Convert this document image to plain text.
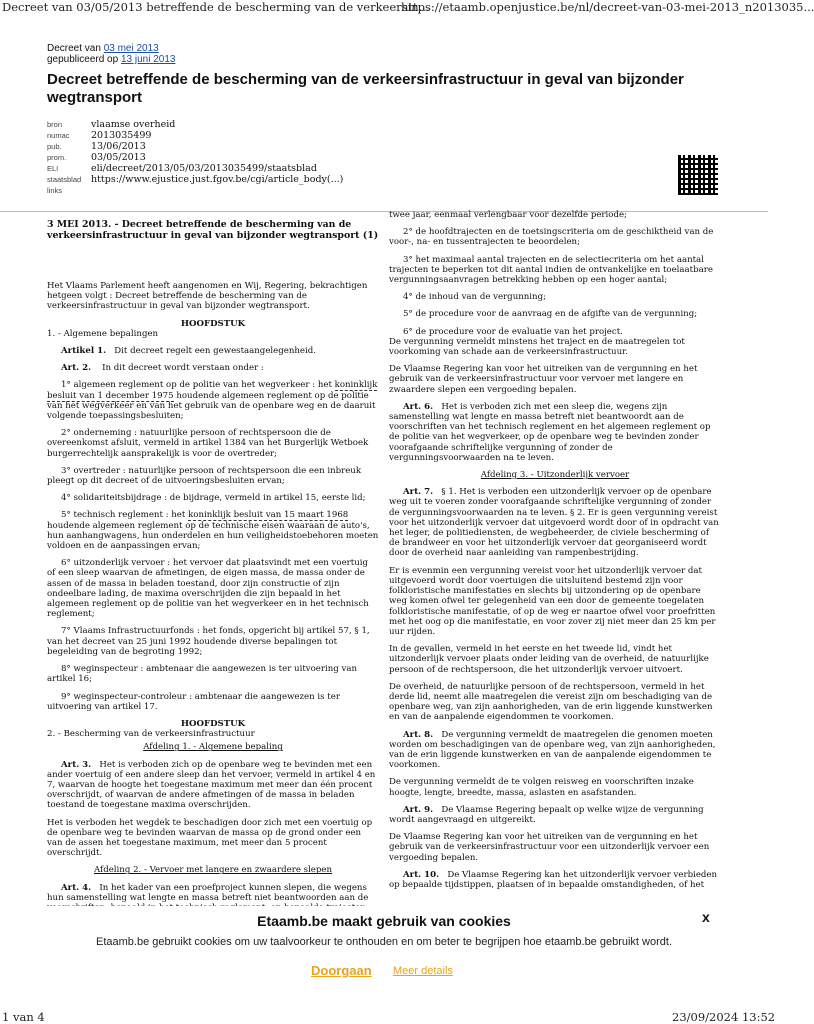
Decreet van 03/05/2013 betreffende de bescherming van de verkeersin...
https://etaamb.openjustice.be/nl/decreet-van-03-mei-2013_n2013035...
Decreet van 03 mei 2013
gepubliceerd op 13 juni 2013
Decreet betreffende de bescherming van de verkeersinfrastructuur in geval van bijzonder wegtransport
bron	vlaamse overheid
numac 2013035499
pub.	13/06/2013
prom.	03/05/2013
ELI	eli/decreet/2013/05/03/2013035499/staatsblad
staatsblad https://www.ejustice.just.fgov.be/cgi/article_body(...)
links

3 MEI 2013. - Decreet betreffende de bescherming van de verkeersinfrastructuur in geval van bijzonder wegtransport (1)

Het Vlaams Parlement heeft aangenomen en Wij, Regering, bekrachtigen hetgeen volgt : Decreet betreffende de bescherming van de verkeersinfrastructuur in geval van bijzonder wegtransport.

HOOFDSTUK

1. - Algemene bepalingen

Artikel 1. Dit decreet regelt een gewestaangelegenheid.

Art. 2. In dit decreet wordt verstaan onder :

1° algemeen reglement op de politie van het wegverkeer : het koninklijk besluit van 1 december 1975 houdende algemeen reglement op de politie van het wegverkeer en van het gebruik van de openbare weg en de daaruit volgende toepassingsbesluiten;

2° onderneming : natuurlijke persoon of rechtspersoon die de overeenkomst afsluit, vermeld in artikel 1384 van het Burgerlijk Wetboek burgerrechtelijk aansprakelijk is voor de overtreder;

3° overtreder : natuurlijke persoon of rechtspersoon die een inbreuk pleegt op dit decreet of de uitvoeringsbesluiten ervan;

4° solidariteitsbijdrage : de bijdrage, vermeld in artikel 15, eerste lid;

5° technisch reglement : het koninklijk besluit van 15 maart 1968 houdende algemeen reglement op de technische eisen waaraan de auto's, hun aanhangwagens, hun onderdelen en hun veiligheidstoebehoren moeten voldoen en de aanpassingen ervan;

6° uitzonderlijk vervoer : het vervoer dat plaatsvindt met een voertuig of een sleep waarvan de afmetingen, de eigen massa, de massa onder de assen of de massa in beladen toestand, door zijn constructie of zijn ondeelbare lading, de maxima overschrijden die zijn bepaald in het algemeen reglement op de politie van het wegverkeer en in het technisch reglement;

7° Vlaams Infrastructuurfonds : het fonds, opgericht bij artikel 57, § 1, van het decreet van 25 juni 1992 houdende diverse bepalingen tot begeleiding van de begroting 1992;

8° weginspecteur : ambtenaar die aangewezen is ter uitvoering van artikel 16;

9° weginspecteur-controleur : ambtenaar die aangewezen is ter uitvoering van artikel 17.

HOOFDSTUK

2. - Bescherming van de verkeersinfrastructuur

Afdeling 1. - Algemene bepaling

Art. 3. Het is verboden zich op de openbare weg te bevinden met een ander voertuig of een andere sleep dan het vervoer, vermeld in artikel 4 en 7, waarvan de hoogte het toegestane maximum met meer dan één procent overschrijdt, of waarvan de andere afmetingen of de massa in beladen toestand de toegestane maxima overschrijden.

Het is verboden het wegdek te beschadigen door zich met een voertuig op de openbare weg te bevinden waarvan de massa op de grond onder een van de assen het toegestane maximum, met meer dan 5 procent overschrijdt.

Afdeling 2. - Vervoer met langere en zwaardere slepen

Art. 4. In het kader van een proefproject kunnen slepen, die wegens hun samenstelling wat lengte en massa betreft niet beantwoorden aan de

twee jaar, eenmaal verlengbaar voor dezelfde periode;

2° de hoofdtrajecten en de toetsingscriteria om de geschiktheid van de voor-, na- en tussentrajecten te beoordelen;

3° het maximaal aantal trajecten en de selectiecriteria om het aantal trajecten te beperken tot dit aantal indien de ontvankelijke en toelaatbare vergunningsaanvragen betrekking hebben op een hoger aantal;

4° de inhoud van de vergunning;

5° de procedure voor de aanvraag en de afgifte van de vergunning;

6° de procedure voor de evaluatie van het project.

De vergunning vermeldt minstens het traject en de maatregelen tot voorkoming van schade aan de verkeersinfrastructuur.

De Vlaamse Regering kan voor het uitreiken van de vergunning en het gebruik van de verkeersinfrastructuur voor vervoer met langere en zwaardere slepen een vergoeding bepalen.

Art. 6. Het is verboden zich met een sleep die, wegens zijn samenstelling wat lengte en massa betreft niet beantwoordt aan de voorschriften van het technisch reglement en het algemeen reglement op de politie van het wegverkeer, op de openbare weg te bevinden zonder voorafgaande schriftelijke vergunning of zonder de vergunningsvoorwaarden na te leven.

Afdeling 3. - Uitzonderlijk vervoer

Art. 7. § 1. Het is verboden een uitzonderlijk vervoer op de openbare weg uit te voeren zonder voorafgaande schriftelijke vergunning of zonder de vergunningsvoorwaarden na te leven. § 2. Er is geen vergunning vereist voor het uitzonderlijk vervoer dat uitgevoerd wordt door of in opdracht van het leger, de politiediensten, de wegbeheerder, de civiele bescherming of de brandweer en voor het uitzonderlijk vervoer dat georganiseerd wordt door de overheid naar aanleiding van rampenbestrijding.

Er is evenmin een vergunning vereist voor het uitzonderlijk vervoer dat uitgevoerd wordt door voertuigen die uitsluitend bestemd zijn voor folkloristische manifestaties en slechts bij uitzondering op de openbare weg komen ofwel ter gelegenheid van een door de gemeente toegelaten folkloristische manifestatie, of op de weg er naartoe ofwel voor proefritten met het oog op die manifestatie, en voor zover zij niet meer dan 25 km per uur rijden.

In de gevallen, vermeld in het eerste en het tweede lid, vindt het uitzonderlijk vervoer plaats onder leiding van de overheid, de natuurlijke persoon of de rechtspersoon, die het uitzonderlijk vervoer uitvoert.

De overheid, de natuurlijke persoon of de rechtspersoon, vermeld in het derde lid, neemt alle maatregelen die vereist zijn om beschadiging van de openbare weg, van zijn aanhorigheden, van de erin liggende kunstwerken en van de aanpalende eigendommen te voorkomen.

Art. 8. De vergunning vermeldt de maatregelen die genomen moeten worden om beschadigingen van de openbare weg, van zijn aanhorigheden, van de erin liggende kunstwerken en van de aanpalende eigendommen te voorkomen.

De vergunning vermeldt de te volgen reisweg en voorschriften inzake hoogte, lengte, breedte, massa, aslasten en asafstanden.

Art. 9. De Vlaamse Regering bepaalt op welke wijze de vergunning wordt aangevraagd en uitgereikt.

De Vlaamse Regering kan voor het uitreiken van de vergunning en het gebruik van de verkeersinfrastructuur voor een uitzonderlijk vervoer een vergoeding bepalen.

Art. 10. De Vlaamse Regering kan het uitzonderlijk vervoer verbieden op bepaalde tijdstippen, plaatsen of in bepaalde omstandigheden, of het

Etaamb.be maakt gebruik van cookies	x
Etaamb.be gebruikt cookies om uw taalvoorkeur te onthouden en om beter te begrijpen hoe etaamb.be gebruikt wordt.
Doorgaan Meer details
1 van 4	23/09/2024 13:52
